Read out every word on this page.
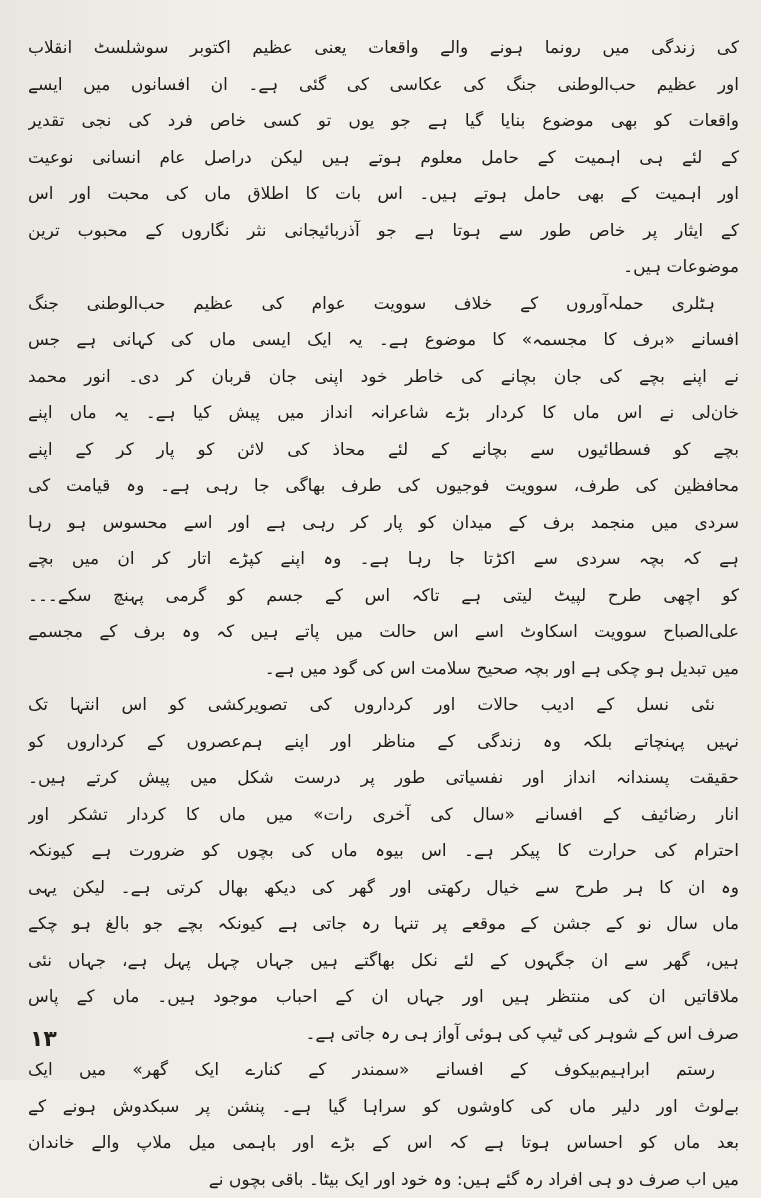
کی زندگی میں رونما ہونے والے واقعات یعنی عظیم اکتوبر سوشلسٹ انقلاب
اور عظیم حب‌الوطنی جنگ کی عکاسی کی گئی ہے۔ ان افسانوں میں ایسے
واقعات کو بھی موضوع بنایا گیا ہے جو یوں تو کسی خاص فرد کی نجی تقدیر
کے لئے ہی اہمیت کے حامل معلوم ہوتے ہیں لیکن دراصل عام انسانی نوعیت
اور اہمیت کے بھی حامل ہوتے ہیں۔ اس بات کا اطلاق ماں کی محبت اور اس
کے ایثار پر خاص طور سے ہوتا ہے جو آذربائیجانی نثر نگاروں کے محبوب ترین
موضوعات ہیں۔

ہٹلری حملہ‌آوروں کے خلاف سوویت عوام کی عظیم حب‌الوطنی جنگ
افسانے «برف کا مجسمہ» کا موضوع ہے۔ یہ ایک ایسی ماں کی کہانی ہے جس
نے اپنے بچے کی جان بچانے کی خاطر خود اپنی جان قربان کر دی۔ انور محمد
خان‌لی نے اس ماں کا کردار بڑے شاعرانہ انداز میں پیش کیا ہے۔ یہ ماں اپنے
بچے کو فسطائیوں سے بچانے کے لئے محاذ کی لائن کو پار کر کے اپنے
محافظین کی طرف، سوویت فوجیوں کی طرف بھاگی جا رہی ہے۔ وہ قیامت کی
سردی میں منجمد برف کے میدان کو پار کر رہی ہے اور اسے محسوس ہو رہا
ہے کہ بچہ سردی سے اکڑتا جا رہا ہے۔ وہ اپنے کپڑے اتار کر ان میں بچے
کو اچھی طرح لپیٹ لیتی ہے تاکہ اس کے جسم کو گرمی پہنچ سکے۔۔۔
علی‌الصباح سوویت اسکاوٹ اسے اس حالت میں پاتے ہیں کہ وہ برف کے مجسمے
میں تبدیل ہو چکی ہے اور بچہ صحیح سلامت اس کی گود میں ہے۔

نئی نسل کے ادیب حالات اور کرداروں کی تصویرکشی کو اس انتہا تک
نہیں پہنچاتے بلکہ وہ زندگی کے مناظر اور اپنے ہم‌عصروں کے کرداروں کو
حقیقت پسندانہ انداز اور نفسیاتی طور پر درست شکل میں پیش کرتے ہیں۔
انار رضائیف کے افسانے «سال کی آخری رات» میں ماں کا کردار تشکر اور
احترام کی حرارت کا پیکر ہے۔ اس بیوہ ماں کی بچوں کو ضرورت ہے کیونکہ
وہ ان کا ہر طرح سے خیال رکھتی اور گھر کی دیکھ بھال کرتی ہے۔ لیکن یہی
ماں سال نو کے جشن کے موقعے پر تنہا رہ جاتی ہے کیونکہ بچے جو بالغ ہو چکے
ہیں، گھر سے ان جگہوں کے لئے نکل بھاگتے ہیں جہاں چہل پہل ہے، جہاں نئی
ملاقاتیں ان کی منتظر ہیں اور جہاں ان کے احباب موجود ہیں۔ ماں کے پاس
صرف اس کے شوہر کی ٹیپ کی ہوئی آواز ہی رہ جاتی ہے۔

رستم ابراہیم‌بیکوف کے افسانے «سمندر کے کنارے ایک گھر» میں ایک
بےلوث اور دلیر ماں کی کاوشوں کو سراہا گیا ہے۔ پنشن پر سبکدوش ہونے کے
بعد ماں کو احساس ہوتا ہے کہ اس کے بڑے اور باہمی میل ملاپ والے خاندان
میں اب صرف دو ہی افراد رہ گئے ہیں: وہ خود اور ایک بیٹا۔ باقی بچوں نے

۱۳
